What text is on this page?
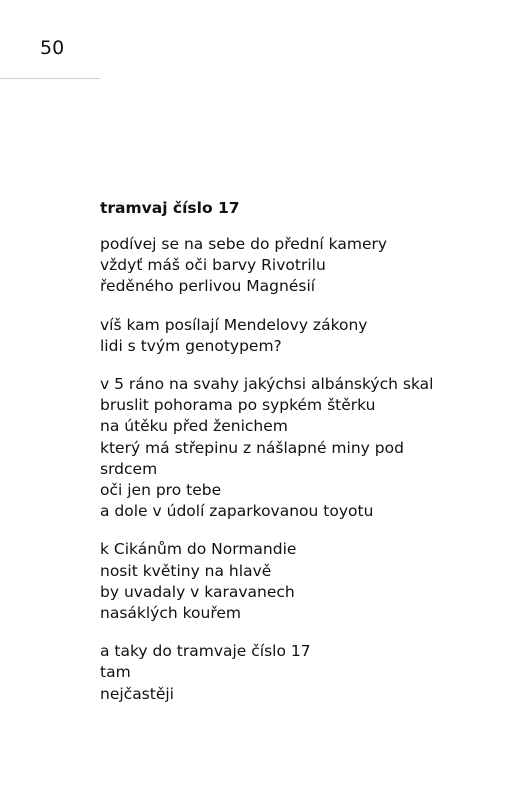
50
tramvaj číslo 17
podívej se na sebe do přední kamery
vždyť máš oči barvy Rivotrilu
ředěného perlivou Magnésií
víš kam posílají Mendelovy zákony
lidi s tvým genotypem?
v 5 ráno na svahy jakýchsi albánských skal
bruslit pohorama po sypkém štěrku
na útěku před ženichem
který má střepinu z nášlapné miny pod
srdcem
oči jen pro tebe
a dole v údolí zaparkovanou toyotu
k Cikánům do Normandie
nosit květiny na hlavě
by uvadaly v karavanech
nasáklých kouřem
a taky do tramvaje číslo 17
tam
nejčastěji
